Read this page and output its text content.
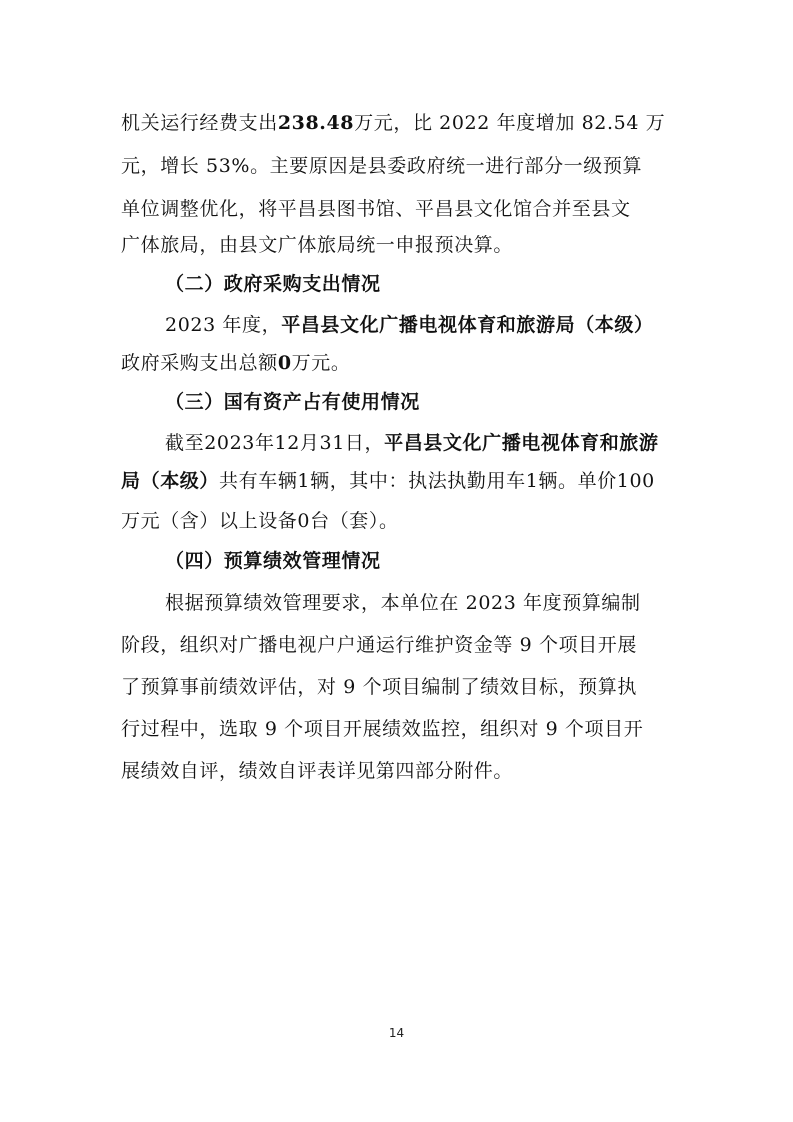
机关运行经费支出238.48万元，比 2022 年度增加 82.54 万
元，增长 53%。主要原因是县委政府统一进行部分一级预算
单位调整优化，将平昌县图书馆、平昌县文化馆合并至县文
广体旅局，由县文广体旅局统一申报预决算。
（二）政府采购支出情况
2023 年度，平昌县文化广播电视体育和旅游局（本级）
政府采购支出总额0万元。
（三）国有资产占有使用情况
截至2023年12月31日，平昌县文化广播电视体育和旅游
局（本级）共有车辆1辆，其中：执法执勤用车1辆。单价100
万元（含）以上设备0台（套）。
（四）预算绩效管理情况
根据预算绩效管理要求，本单位在 2023 年度预算编制
阶段，组织对广播电视户户通运行维护资金等 9 个项目开展
了预算事前绩效评估，对 9 个项目编制了绩效目标，预算执
行过程中，选取 9 个项目开展绩效监控，组织对 9 个项目开
展绩效自评，绩效自评表详见第四部分附件。
14
